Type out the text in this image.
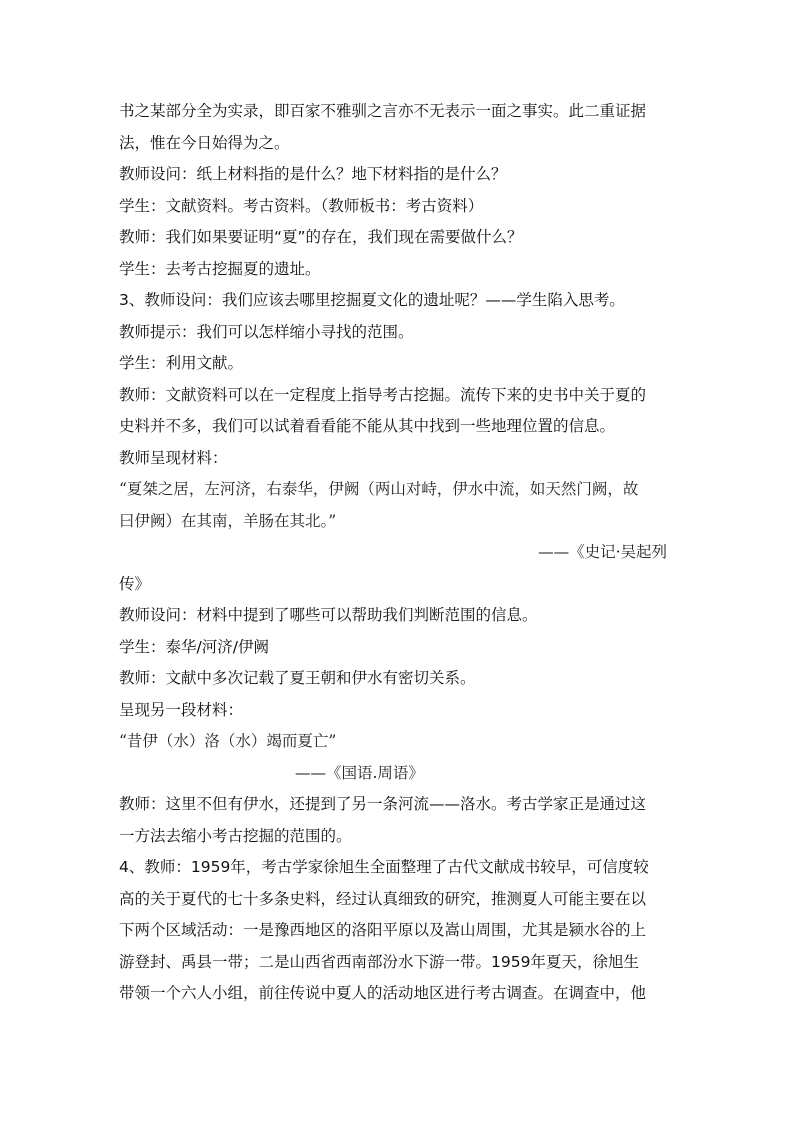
书之某部分全为实录，即百家不雅驯之言亦不无表示一面之事实。此二重证据
法，惟在今日始得为之。
教师设问：纸上材料指的是什么？地下材料指的是什么？
学生：文献资料。考古资料。（教师板书：考古资料）
教师：我们如果要证明“夏”的存在，我们现在需要做什么？
学生：去考古挖掘夏的遗址。
3、教师设问：我们应该去哪里挖掘夏文化的遗址呢？——学生陷入思考。
教师提示：我们可以怎样缩小寻找的范围。
学生：利用文献。
教师：文献资料可以在一定程度上指导考古挖掘。流传下来的史书中关于夏的
史料并不多，我们可以试着看看能不能从其中找到一些地理位置的信息。
教师呈现材料：
“夏桀之居，左河济，右泰华，伊阙（两山对峙，伊水中流，如天然门阙，故
曰伊阙）在其南，羊肠在其北。”
——《史记·吴起列
传》
教师设问：材料中提到了哪些可以帮助我们判断范围的信息。
学生：泰华/河济/伊阙
教师：文献中多次记载了夏王朝和伊水有密切关系。
呈现另一段材料：
“昔伊（水）洛（水）竭而夏亡”
——《国语.周语》
教师：这里不但有伊水，还提到了另一条河流——洛水。考古学家正是通过这
一方法去缩小考古挖掘的范围的。
4、教师：1959年，考古学家徐旭生全面整理了古代文献成书较早，可信度较
高的关于夏代的七十多条史料，经过认真细致的研究，推测夏人可能主要在以
下两个区域活动：一是豫西地区的洛阳平原以及嵩山周围，尤其是颍水谷的上
游登封、禹县一带；二是山西省西南部汾水下游一带。1959年夏天，徐旭生
带领一个六人小组，前往传说中夏人的活动地区进行考古调查。在调查中，他
